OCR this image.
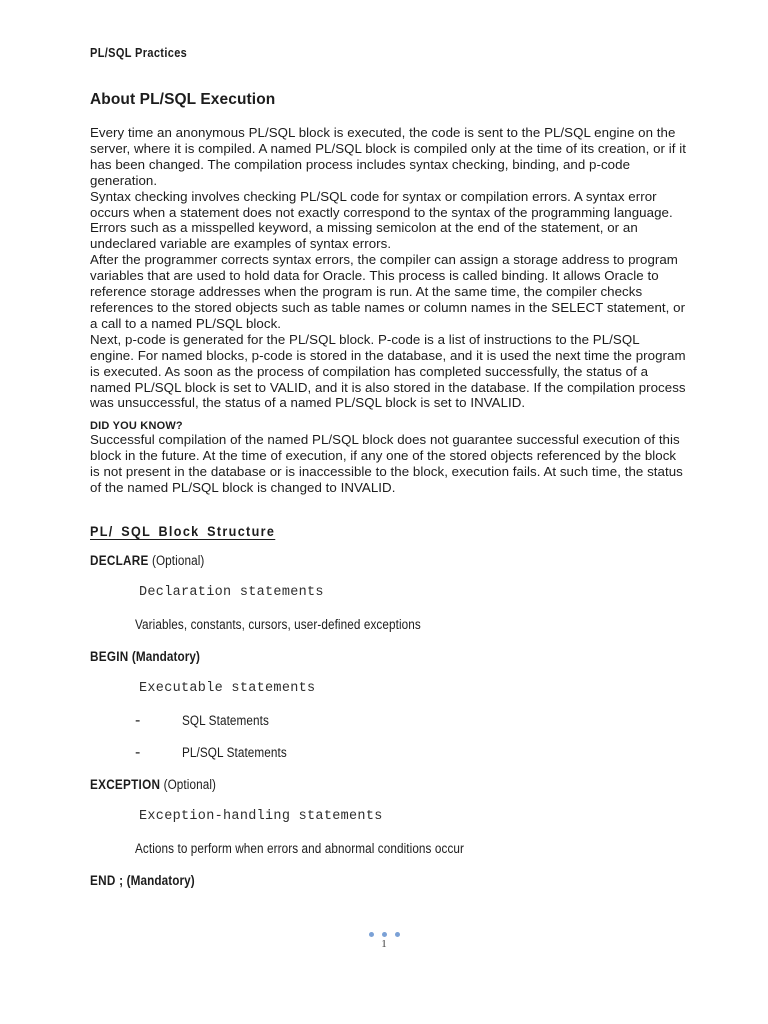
PL/SQL Practices
About PL/SQL Execution

Every time an anonymous PL/SQL block is executed, the code is sent to the PL/SQL engine on the server, where it is compiled. A named PL/SQL block is compiled only at the time of its creation, or if it has been changed. The compilation process includes syntax checking, binding, and p-code generation.

Syntax checking involves checking PL/SQL code for syntax or compilation errors. A syntax error occurs when a statement does not exactly correspond to the syntax of the programming language. Errors such as a misspelled keyword, a missing semicolon at the end of the statement, or an undeclared variable are examples of syntax errors.

After the programmer corrects syntax errors, the compiler can assign a storage address to program variables that are used to hold data for Oracle. This process is called binding. It allows Oracle to reference storage addresses when the program is run. At the same time, the compiler checks references to the stored objects such as table names or column names in the SELECT statement, or a call to a named PL/SQL block.

Next, p-code is generated for the PL/SQL block. P-code is a list of instructions to the PL/SQL engine. For named blocks, p-code is stored in the database, and it is used the next time the program is executed. As soon as the process of compilation has completed successfully, the status of a named PL/SQL block is set to VALID, and it is also stored in the database. If the compilation process was unsuccessful, the status of a named PL/SQL block is set to INVALID.

DID YOU KNOW?

Successful compilation of the named PL/SQL block does not guarantee successful execution of this block in the future. At the time of execution, if any one of the stored objects referenced by the block is not present in the database or is inaccessible to the block, execution fails. At such time, the status of the named PL/SQL block is changed to INVALID.

PL/ SQL Block Structure
DECLARE (Optional)
Declaration statements
Variables, constants, cursors, user-defined exceptions
BEGIN (Mandatory)
Executable statements
-	SQL Statements
-	PL/SQL Statements
EXCEPTION (Optional)
Exception-handling statements
Actions to perform when errors and abnormal conditions occur
END ; (Mandatory)
1
